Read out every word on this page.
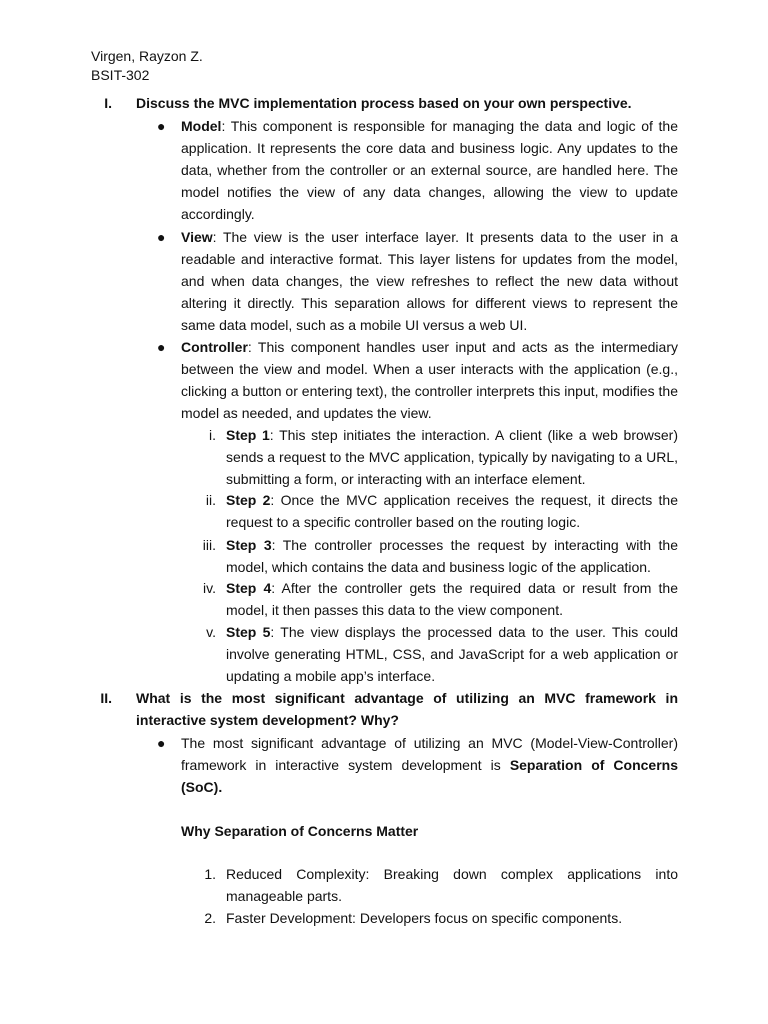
Virgen, Rayzon Z.
BSIT-302
I. Discuss the MVC implementation process based on your own perspective.
● Model: This component is responsible for managing the data and logic of the application. It represents the core data and business logic. Any updates to the data, whether from the controller or an external source, are handled here. The model notifies the view of any data changes, allowing the view to update accordingly.
● View: The view is the user interface layer. It presents data to the user in a readable and interactive format. This layer listens for updates from the model, and when data changes, the view refreshes to reflect the new data without altering it directly. This separation allows for different views to represent the same data model, such as a mobile UI versus a web UI.
● Controller: This component handles user input and acts as the intermediary between the view and model. When a user interacts with the application (e.g., clicking a button or entering text), the controller interprets this input, modifies the model as needed, and updates the view.
i. Step 1: This step initiates the interaction. A client (like a web browser) sends a request to the MVC application, typically by navigating to a URL, submitting a form, or interacting with an interface element.
ii. Step 2: Once the MVC application receives the request, it directs the request to a specific controller based on the routing logic.
iii. Step 3: The controller processes the request by interacting with the model, which contains the data and business logic of the application.
iv. Step 4: After the controller gets the required data or result from the model, it then passes this data to the view component.
v. Step 5: The view displays the processed data to the user. This could involve generating HTML, CSS, and JavaScript for a web application or updating a mobile app’s interface.
II. What is the most significant advantage of utilizing an MVC framework in interactive system development? Why?
● The most significant advantage of utilizing an MVC (Model-View-Controller) framework in interactive system development is Separation of Concerns (SoC).
Why Separation of Concerns Matter
1. Reduced Complexity: Breaking down complex applications into manageable parts.
2. Faster Development: Developers focus on specific components.
